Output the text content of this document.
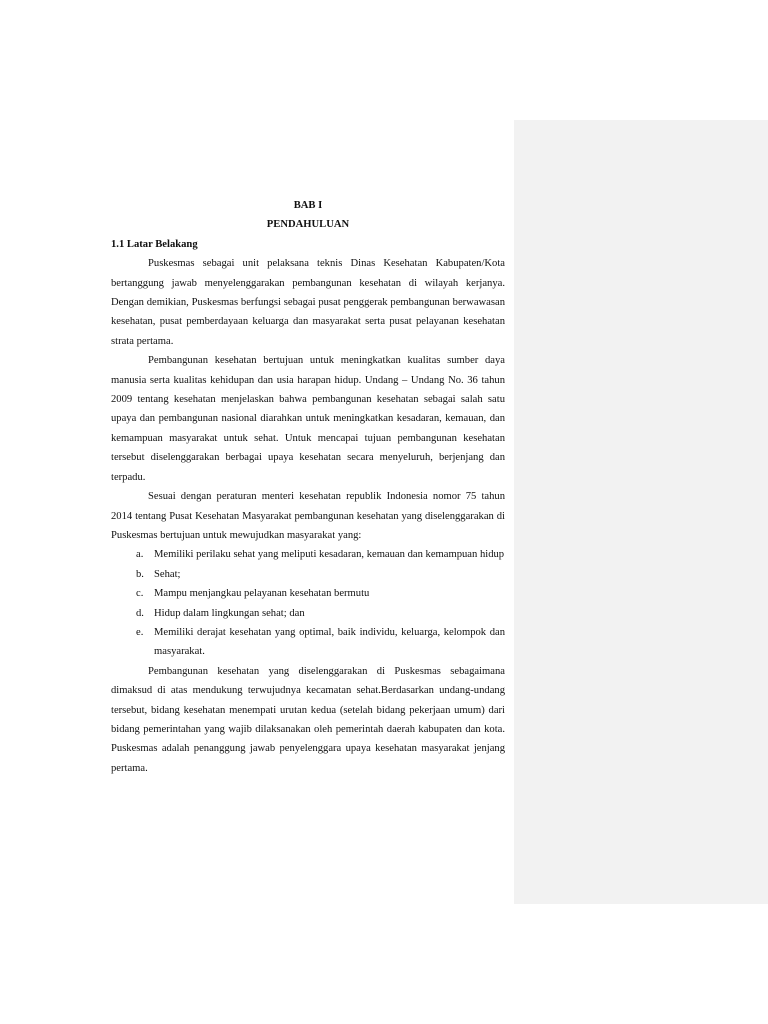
BAB I

PENDAHULUAN

1.1 Latar Belakang

Puskesmas sebagai unit pelaksana teknis Dinas Kesehatan Kabupaten/Kota bertanggung jawab menyelenggarakan pembangunan kesehatan di wilayah kerjanya. Dengan demikian, Puskesmas berfungsi sebagai pusat penggerak pembangunan berwawasan kesehatan, pusat pemberdayaan keluarga dan masyarakat serta pusat pelayanan kesehatan strata pertama.

Pembangunan kesehatan bertujuan untuk meningkatkan kualitas sumber daya manusia serta kualitas kehidupan dan usia harapan hidup. Undang – Undang No. 36 tahun 2009 tentang kesehatan menjelaskan bahwa pembangunan kesehatan sebagai salah satu upaya dan pembangunan nasional diarahkan untuk meningkatkan kesadaran, kemauan, dan kemampuan masyarakat untuk sehat. Untuk mencapai tujuan pembangunan kesehatan tersebut diselenggarakan berbagai upaya kesehatan secara menyeluruh, berjenjang dan terpadu.

Sesuai dengan peraturan menteri kesehatan republik Indonesia nomor 75 tahun 2014 tentang Pusat Kesehatan Masyarakat pembangunan kesehatan yang diselenggarakan di Puskesmas bertujuan untuk mewujudkan masyarakat yang:

a. Memiliki perilaku sehat yang meliputi kesadaran, kemauan dan kemampuan hidup
b. Sehat;
c. Mampu menjangkau pelayanan kesehatan bermutu
d. Hidup dalam lingkungan sehat; dan
e. Memiliki derajat kesehatan yang optimal, baik individu, keluarga, kelompok dan masyarakat.

Pembangunan kesehatan yang diselenggarakan di Puskesmas sebagaimana dimaksud di atas mendukung terwujudnya kecamatan sehat.Berdasarkan undang-undang tersebut, bidang kesehatan menempati urutan kedua (setelah bidang pekerjaan umum) dari bidang pemerintahan yang wajib dilaksanakan oleh pemerintah daerah kabupaten dan kota. Puskesmas adalah penanggung jawab penyelenggara upaya kesehatan masyarakat jenjang pertama.
